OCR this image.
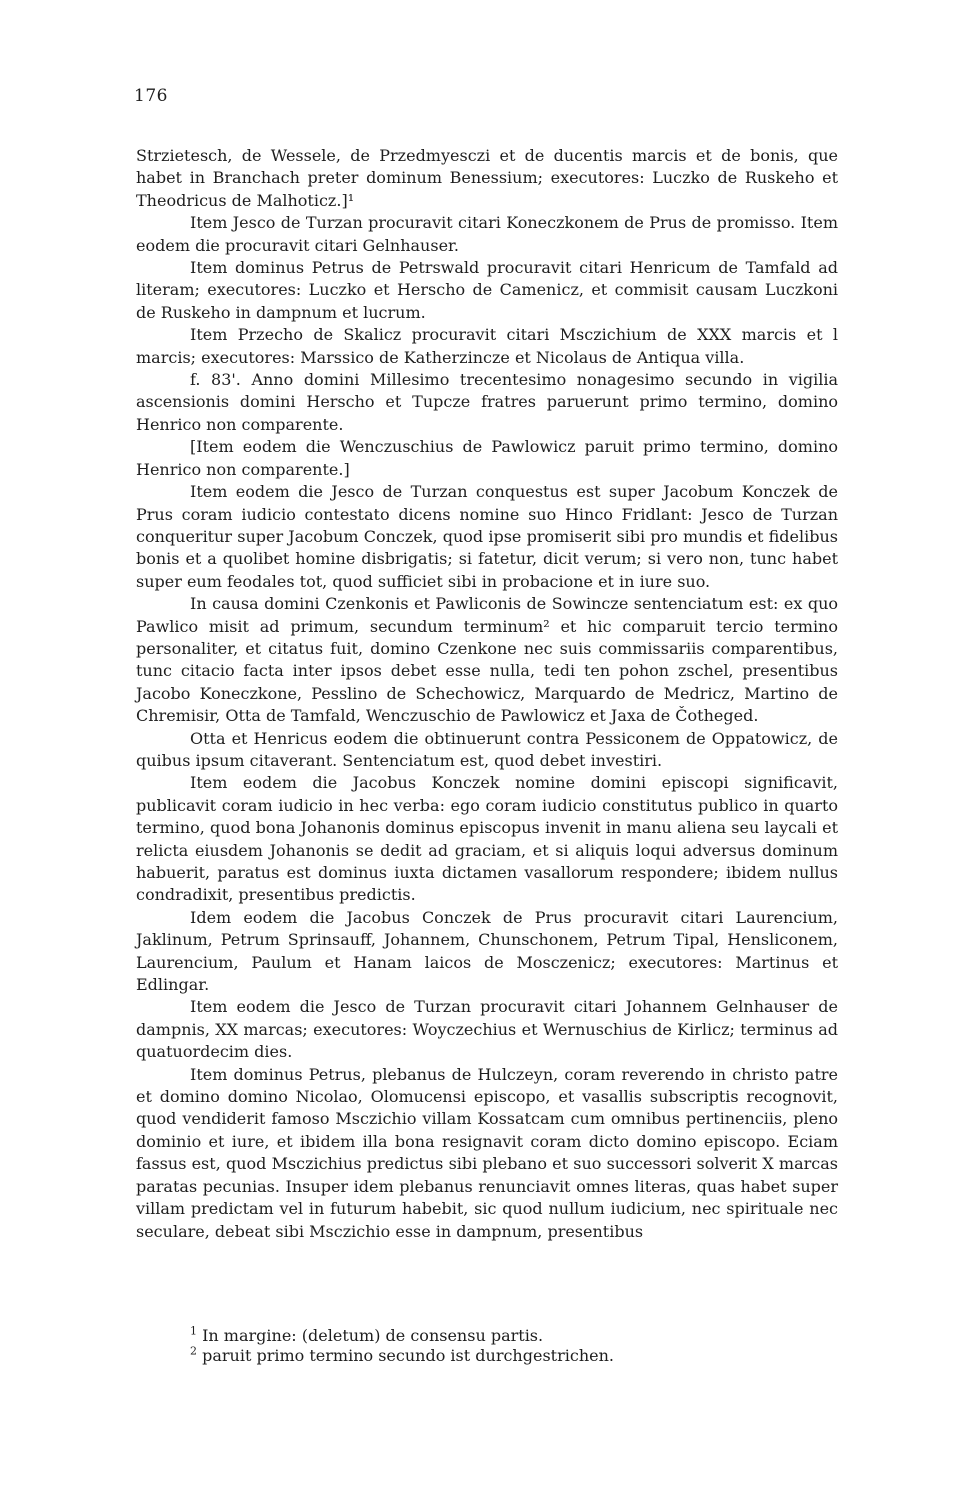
176

Strzietesch, de Wessele, de Przedmyesczi et de ducentis marcis et de bonis, que habet in Branchach preter dominum Benessium; executores: Luczko de Ruskeho et Theodricus de Malhoticz.]¹

Item Jesco de Turzan procuravit citari Koneczkonem de Prus de promisso. Item eodem die procuravit citari Gelnhauser.

Item dominus Petrus de Petrswald procuravit citari Henricum de Tamfald ad literam; executores: Luczko et Herscho de Camenicz, et commisit causam Luczkoni de Ruskeho in dampnum et lucrum.

Item Przecho de Skalicz procuravit citari Msczichium de XXX marcis et l marcis; executores: Marssico de Katherzincze et Nicolaus de Antiqua villa.

f. 83'. Anno domini Millesimo trecentesimo nonagesimo secundo in vigilia ascensionis domini Herscho et Tupcze fratres paruerunt primo termino, domino Henrico non comparente.

[Item eodem die Wenczuschius de Pawlowicz paruit primo termino, domino Henrico non comparente.]

Item eodem die Jesco de Turzan conquestus est super Jacobum Konczek de Prus coram iudicio contestato dicens nomine suo Hinco Fridlant: Jesco de Turzan conqueritur super Jacobum Conczek, quod ipse promiserit sibi pro mundis et fidelibus bonis et a quolibet homine disbrigatis; si fatetur, dicit verum; si vero non, tunc habet super eum feodales tot, quod sufficiet sibi in probacione et in iure suo.

In causa domini Czenkonis et Pawliconis de Sowincze sentenciatum est: ex quo Pawlico misit ad primum, secundum terminum² et hic comparuit tercio termino personaliter, et citatus fuit, domino Czenkone nec suis commissariis comparentibus, tunc citacio facta inter ipsos debet esse nulla, tedi ten pohon zschel, presentibus Jacobo Koneczkone, Pesslino de Schechowicz, Marquardo de Medricz, Martino de Chremisir, Otta de Tamfald, Wenczuschio de Pawlowicz et Jaxa de Čotheged.

Otta et Henricus eodem die obtinuerunt contra Pessiconem de Oppatowicz, de quibus ipsum citaverant. Sentenciatum est, quod debet investiri.

Item eodem die Jacobus Konczek nomine domini episcopi significavit, publicavit coram iudicio in hec verba: ego coram iudicio constitutus publico in quarto termino, quod bona Johanonis dominus episcopus invenit in manu aliena seu laycali et relicta eiusdem Johanonis se dedit ad graciam, et si aliquis loqui adversus dominum habuerit, paratus est dominus iuxta dictamen vasallorum respondere; ibidem nullus condradixit, presentibus predictis.

Idem eodem die Jacobus Conczek de Prus procuravit citari Laurencium, Jaklinum, Petrum Sprinsauff, Johannem, Chunschonem, Petrum Tipal, Hensliconem, Laurencium, Paulum et Hanam laicos de Mosczenicz; executores: Martinus et Edlingar.

Item eodem die Jesco de Turzan procuravit citari Johannem Gelnhauser de dampnis, XX marcas; executores: Woyczechius et Wernuschius de Kirlicz; terminus ad quatuordecim dies.

Item dominus Petrus, plebanus de Hulczeyn, coram reverendo in christo patre et domino domino Nicolao, Olomucensi episcopo, et vasallis subscriptis recognovit, quod vendiderit famoso Msczichio villam Kossatcam cum omnibus pertinenciis, pleno dominio et iure, et ibidem illa bona resignavit coram dicto domino episcopo. Eciam fassus est, quod Msczichius predictus sibi plebano et suo successori solverit X marcas paratas pecunias. Insuper idem plebanus renunciavit omnes literas, quas habet super villam predictam vel in futurum habebit, sic quod nullum iudicium, nec spirituale nec seculare, debeat sibi Msczichio esse in dampnum, presentibus

$^1$ In margine: (deletum) de consensu partis.

$^2$ paruit primo termino secundo ist durchgestrichen.
